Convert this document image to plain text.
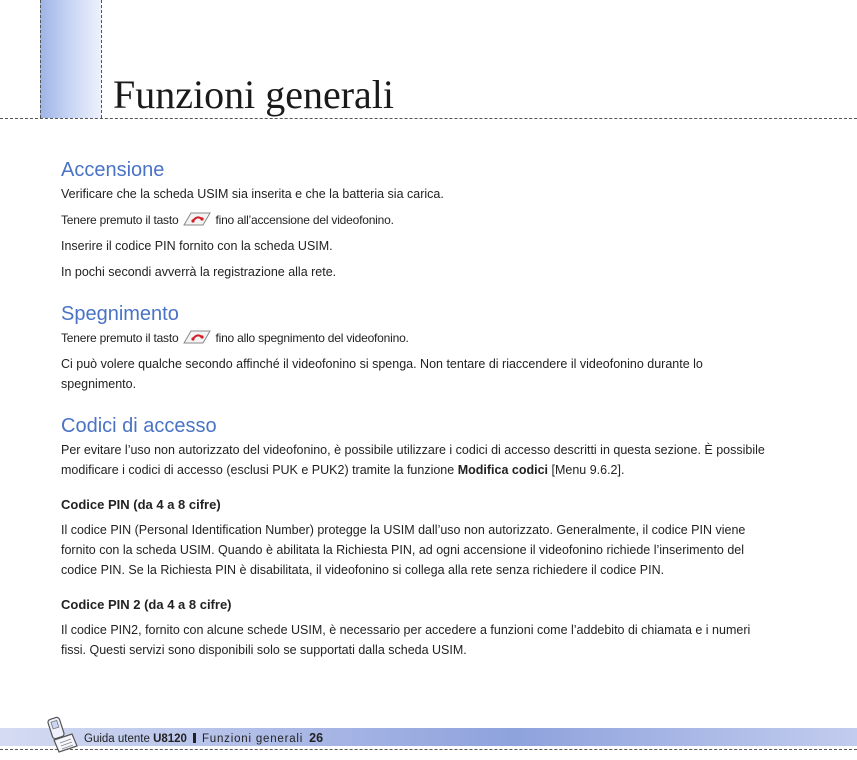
Funzioni generali
Accensione

Verificare che la scheda USIM sia inserita e che la batteria sia carica.

Tenere premuto il tasto	fino all’accensione del videofonino.

Inserire il codice PIN fornito con la scheda USIM.

In pochi secondi avverrà la registrazione alla rete.

Spegnimento

Tenere premuto il tasto	fino allo spegnimento del videofonino.

Ci può volere qualche secondo affinché il videofonino si spenga. Non tentare di riaccendere il videofonino durante lo spegnimento.

Codici di accesso

Per evitare l’uso non autorizzato del videofonino, è possibile utilizzare i codici di accesso descritti in questa sezione. È possibile modificare i codici di accesso (esclusi PUK e PUK2) tramite la funzione Modifica codici [Menu 9.6.2].

Codice PIN (da 4 a 8 cifre)

Il codice PIN (Personal Identification Number) protegge la USIM dall’uso non autorizzato. Generalmente, il codice PIN viene fornito con la scheda USIM. Quando è abilitata la Richiesta PIN, ad ogni accensione il videofonino richiede l’inserimento del codice PIN. Se la Richiesta PIN è disabilitata, il videofonino si collega alla rete senza richiedere il codice PIN.

Codice PIN 2 (da 4 a 8 cifre)

Il codice PIN2, fornito con alcune schede USIM, è necessario per accedere a funzioni come l’addebito di chiamata e i numeri fissi. Questi servizi sono disponibili solo se supportati dalla scheda USIM.

Guida utente U8120 Funzioni generali 26
